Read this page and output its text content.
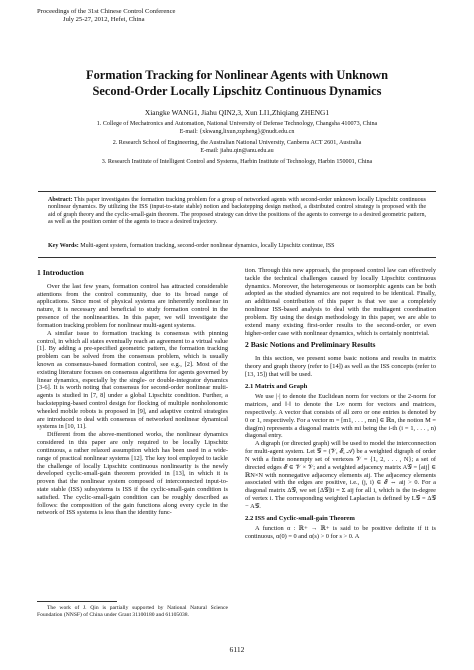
Proceedings of the 31st Chinese Control Conference
July 25-27, 2012, Hefei, China
Formation Tracking for Nonlinear Agents with Unknown
Second-Order Locally Lipschitz Continuous Dynamics
Xiangke WANG1, Jiahu QIN2,3, Xun LI1,Zhiqiang ZHENG1
1. College of Mechatronics and Automation, National University of Defense Technology, Changsha 410073, China
E-mail: {xkwang,lixun,zqzheng}@nudt.edu.cn
2. Research School of Engineering, the Australian National University, Canberra ACT 2601, Australia
E-mail: jiahu.qin@anu.edu.au
3. Research Institute of Intelligent Control and Systems, Harbin Institute of Technology, Harbin 150001, China
Abstract: This paper investigates the formation tracking problem for a group of networked agents with second-order unknown locally Lipschitz continuous nonlinear dynamics. By utilizing the ISS (input-to-state stable) notion and backstepping design method, a distributed control strategy is proposed with the aid of graph theory and the cyclic-small-gain theorem. The proposed strategy can drive the positions of the agents to converge to a desired geometric pattern, as well as the position center of the agents to trace a desired trajectory.
Key Words: Multi-agent system, formation tracking, second-order nonlinear dynamics, locally Lipschitz continue, ISS
1 Introduction

Over the last few years, formation control has attracted considerable attentions from the control community, due to its broad range of applications. Since most of physical systems are inherently nonlinear in nature, it is necessary and beneficial to study formation control in the presence of the nonlinearities. In this paper, we will investigate the formation tracking problem for nonlinear multi-agent systems.

A similar issue to formation tracking is consensus with pinning control, in which all states eventually reach an agreement to a virtual value [1]. By adding a pre-specified geometric pattern, the formation tracking problem can be solved from the consensus problem, which is usually known as consensus-based formation control, see e.g., [2]. Most of the existing literature focuses on consensus algorithms for agents governed by linear dynamics, especially by the single- or double-integrator dynamics [3-6]. It is worth noting that consensus for second-order nonlinear multi-agents is studied in [7, 8] under a global Lipschitz condition. Further, a backstepping-based control design for flocking of multiple nonholonomic wheeled mobile robots is proposed in [9], and adaptive control strategies are introduced to deal with consensus of networked nonlinear dynamical systems in [10, 11].

Different from the above-mentioned works, the nonlinear dynamics considered in this paper are only required to be locally Lipschitz continuous, a rather relaxed assumption which has been used in a wide-range of practical nonlinear systems [12]. The key tool employed to tackle the challenge of locally Lipschitz continuous nonlinearity is the newly developed cyclic-small-gain theorem provided in [13], in which it is proven that the nonlinear system composed of interconnected input-to-state stable (ISS) subsystems is ISS if the cyclic-small-gain condition is satisfied. The cyclic-small-gain condition can be roughly described as follows: the composition of the gain functions along every cycle in the network of ISS systems is less than the identity func-

tion. Through this new approach, the proposed control law can effectively tackle the technical challenges caused by locally Lipschitz continuous dynamics. Moreover, the heterogeneous or isomorphic agents can be both adopted as the studied dynamics are not required to be identical. Finally, an additional contribution of this paper is that we use a completely nonlinear ISS-based analysis to deal with the multiagent coordination problem. By using the design methodology in this paper, we are able to extend many existing first-order results to the second-order, or even higher-order case with nonlinear dynamics, which is certainly nontrivial.

2 Basic Notions and Preliminary Results

In this section, we present some basic notions and results in matrix theory and graph theory (refer to [14]) as well as the ISS concepts (refer to [13, 15]) that will be used.

2.1 Matrix and Graph

We use |·| to denote the Euclidean norm for vectors or the 2-norm for matrices, and ‖·‖ to denote the L∞ norm for vectors and matrices, respectively. A vector that consists of all zero or one entries is denoted by 0 or 1, respectively. For a vector m = [m1, . . . , mn] ∈ ℝn, the notion M = diag(m) represents a diagonal matrix with mi being the i-th (i = 1, . . . , n) diagonal entry.

A digraph (or directed graph) will be used to model the interconnection for multi-agent system. Let 𝒢 = (𝒱, ℰ, 𝒜) be a weighted digraph of order N with a finite nonempty set of vertexes 𝒱 = {1, 2, . . . , N}; a set of directed edges ℰ ∈ 𝒱 × 𝒱; and a weighted adjacency matrix A𝒢 = [aij] ∈ ℝN×N with nonnegative adjacency elements aij. The adjacency elements associated with the edges are positive, i.e., (j, i) ∈ ℰ ⇔ aij > 0. For a diagonal matrix Δ𝒢, we set [Δ𝒢]ii = Σ aij for all i, which is the in-degree of vertex i. The corresponding weighted Laplacian is defined by L𝒢 = Δ𝒢 − A𝒢.

2.2 ISS and Cyclic-small-gain Theorem

A function α : ℝ+ → ℝ+ is said to be positive definite if it is continuous, α(0) = 0 and α(s) > 0 for s > 0. A

The work of J. Qin is partially supported by National Natural Science Foundation (NNSF) of China under Grant 31100180 and 61105038.
6112
